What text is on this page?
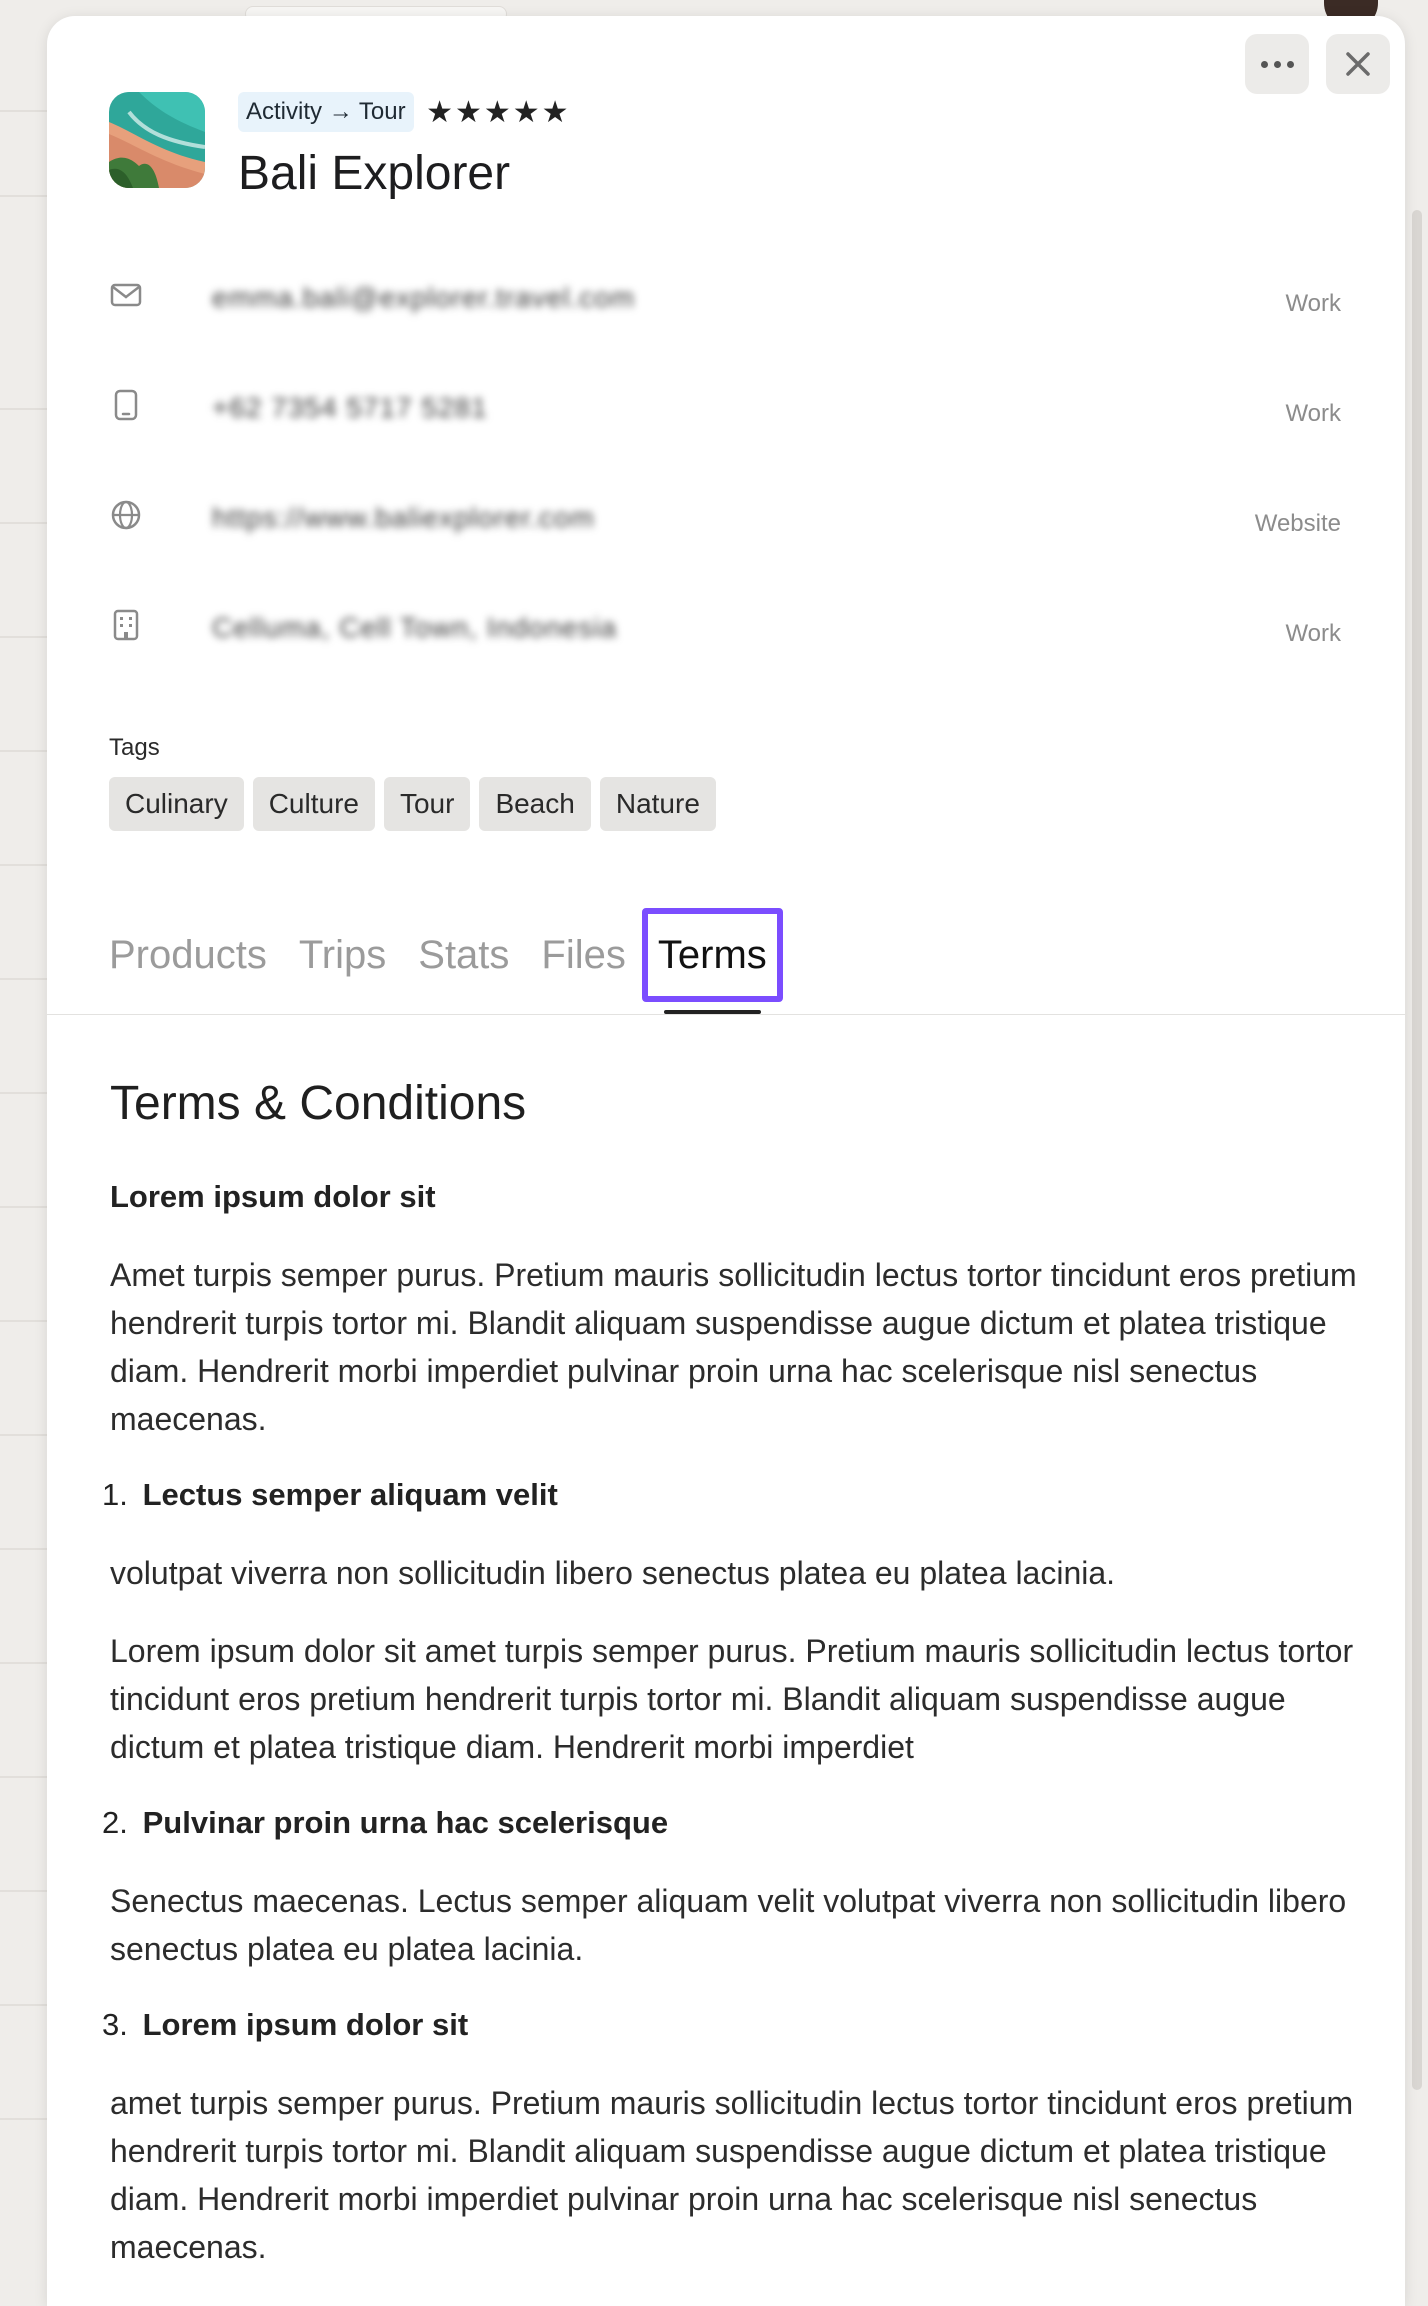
Activity → Tour ★★★★★
Bali Explorer
emma.bali@explorer.travel.com	Work
+62 7354 5717 5281	Work
https://www.baliexplorer.com	Website
Celluma, Cell Town, Indonesia	Work
Tags
Culinary	Culture	Tour	Beach	Nature
Products Trips Stats Files Terms
Terms & Conditions
Lorem ipsum dolor sit
Amet turpis semper purus. Pretium mauris sollicitudin lectus tortor tincidunt eros pretium hendrerit turpis tortor mi. Blandit aliquam suspendisse augue dictum et platea tristique diam. Hendrerit morbi imperdiet pulvinar proin urna hac scelerisque nisl senectus maecenas.
1. Lectus semper aliquam velit
volutpat viverra non sollicitudin libero senectus platea eu platea lacinia.
Lorem ipsum dolor sit amet turpis semper purus. Pretium mauris sollicitudin lectus tortor tincidunt eros pretium hendrerit turpis tortor mi. Blandit aliquam suspendisse augue dictum et platea tristique diam. Hendrerit morbi imperdiet
2. Pulvinar proin urna hac scelerisque
Senectus maecenas. Lectus semper aliquam velit volutpat viverra non sollicitudin libero senectus platea eu platea lacinia.
3. Lorem ipsum dolor sit
amet turpis semper purus. Pretium mauris sollicitudin lectus tortor tincidunt eros pretium hendrerit turpis tortor mi. Blandit aliquam suspendisse augue dictum et platea tristique diam. Hendrerit morbi imperdiet pulvinar proin urna hac scelerisque nisl senectus maecenas.
